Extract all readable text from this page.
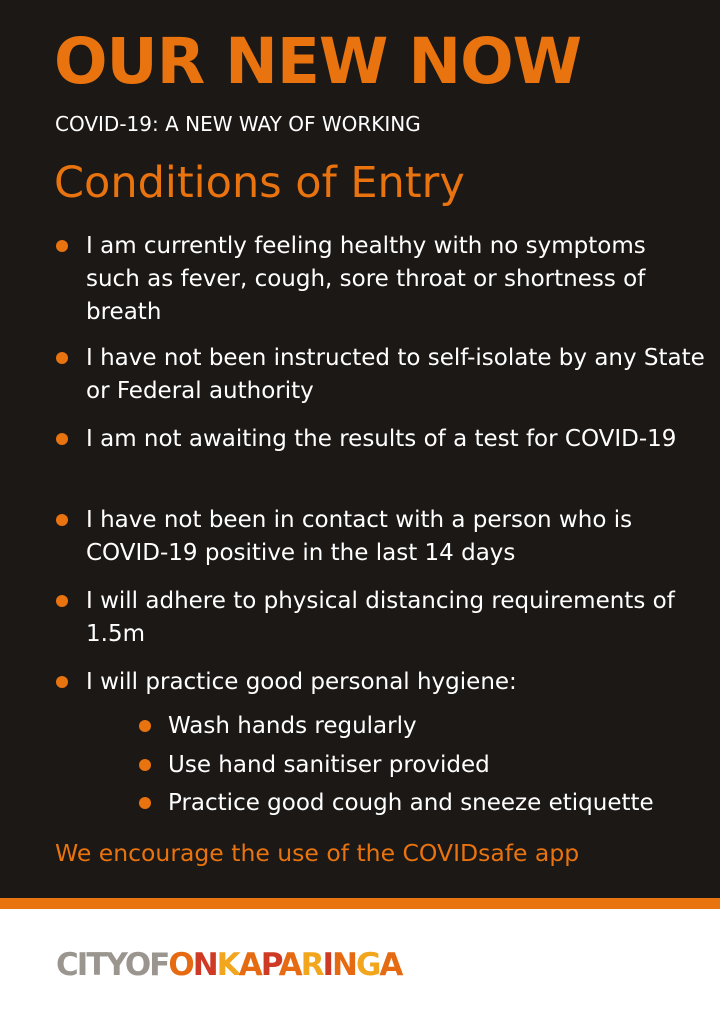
OUR NEW NOW
COVID-19: A NEW WAY OF WORKING
Conditions of Entry
I am currently feeling healthy with no symptoms such as fever, cough, sore throat or shortness of breath
I have not been instructed to self-isolate by any State or Federal authority
I am not awaiting the results of a test for COVID-19
I have not been in contact with a person who is COVID-19 positive in the last 14 days
I will adhere to physical distancing requirements of 1.5m
I will practice good personal hygiene:
Wash hands regularly
Use hand sanitiser provided
Practice good cough and sneeze etiquette
We encourage the use of the COVIDsafe app
CITYOFONKAPARINGA
